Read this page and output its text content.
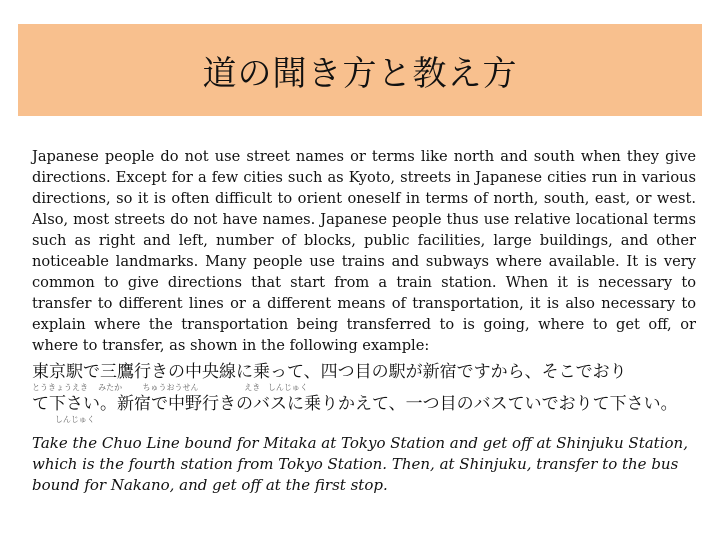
道の聞き方と教え方

Japanese people do not use street names or terms like north and south when they give directions. Except for a few cities such as Kyoto, streets in Japanese cities run in various directions, so it is often difficult to orient oneself in terms of north, south, east, or west. Also, most streets do not have names. Japanese people thus use relative locational terms such as right and left, number of blocks, public facilities, large buildings, and other noticeable landmarks. Many people use trains and subways where available. It is very common to give directions that start from a train station. When it is necessary to transfer to different lines or a different means of transportation, it is also necessary to explain where the transportation being transferred to is going, where to get off, or where to transfer, as shown in the following example:

東京駅で三鷹行きの中央線に乗って、四つ目の駅が新宿ですから、そこでおり
とうきょうえき    みたか        ちゅうおうせん                  えき   しんじゅく
て下さい。新宿で中野行きのバスに乗りかえて、一つ目のバスていでおりて下さい。
しんじゅく

Take the Chuo Line bound for Mitaka at Tokyo Station and get off at Shinjuku Station, which is the fourth station from Tokyo Station. Then, at Shinjuku, transfer to the bus bound for Nakano, and get off at the first stop.
